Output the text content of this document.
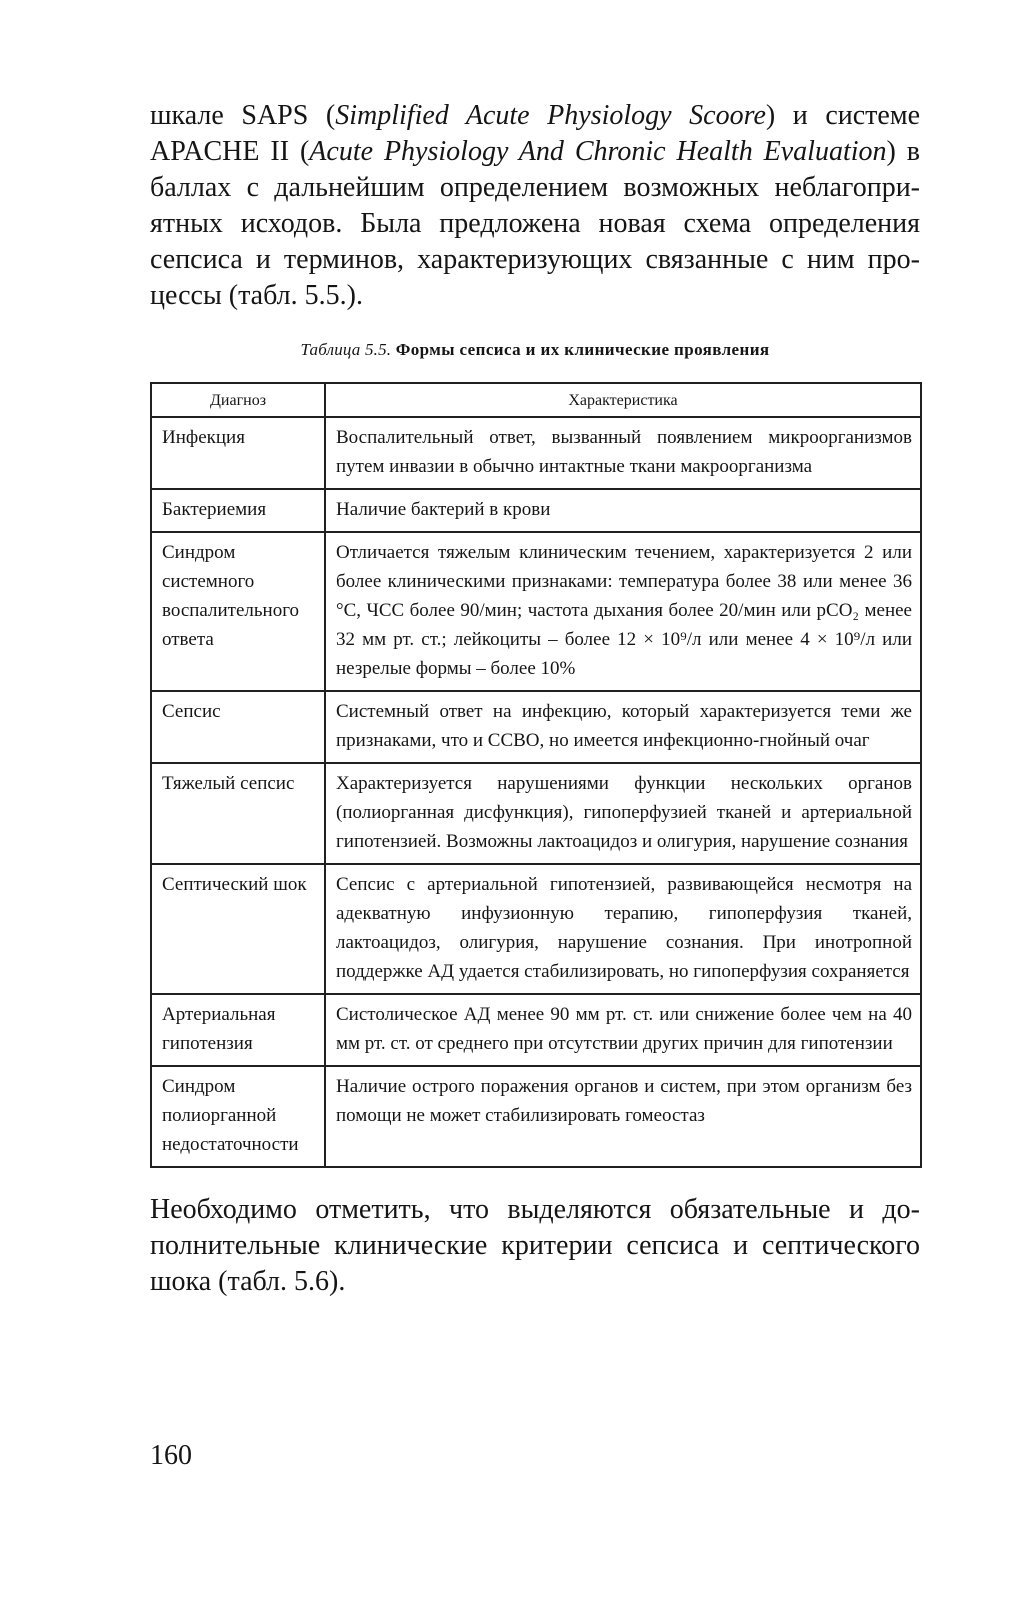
шкале SAPS (Simplified Acute Physiology Scoore) и системе
APACHE II (Acute Physiology And Chronic Health Evaluation) в
баллах с дальнейшим определением возможных неблагопри-
ятных исходов. Была предложена новая схема определения
сепсиса и терминов, характеризующих связанные с ним про-
цессы (табл. 5.5.).

Таблица 5.5. Формы сепсиса и их клинические проявления
Диагноз	Характеристика
Инфекция	Воспалительный ответ, вызванный появлением микроорганизмов путем инвазии в обычно интактные ткани макроорганизма
Бактериемия	Наличие бактерий в крови
Синдром системного воспалительного ответа	Отличается тяжелым клиническим течением, характеризуется 2 или более клиническими признаками: температура более 38 или менее 36 °С, ЧСС более 90/мин; частота дыхания более 20/мин или рСО₂ менее 32 мм рт. ст.; лейкоциты – более 12 × 10⁹/л или менее 4 × 10⁹/л или незрелые формы – более 10%
Сепсис	Системный ответ на инфекцию, который характеризуется теми же признаками, что и ССВО, но имеется инфекционно-гнойный очаг
Тяжелый сепсис	Характеризуется нарушениями функции нескольких органов (полиорганная дисфункция), гипоперфузией тканей и артериальной гипотензией. Возможны лактоацидоз и олигурия, нарушение сознания
Септический шок	Сепсис с артериальной гипотензией, развивающейся несмотря на адекватную инфузионную терапию, гипоперфузия тканей, лактоацидоз, олигурия, нарушение сознания. При инотропной поддержке АД удается стабилизировать, но гипоперфузия сохраняется
Артериальная гипотензия	Систолическое АД менее 90 мм рт. ст. или снижение более чем на 40 мм рт. ст. от среднего при отсутствии других причин для гипотензии
Синдром полиорганной недостаточности	Наличие острого поражения органов и систем, при этом организм без помощи не может стабилизировать гомеостаз

Необходимо отметить, что выделяются обязательные и до-
полнительные клинические критерии сепсиса и септического
шока (табл. 5.6).

160
